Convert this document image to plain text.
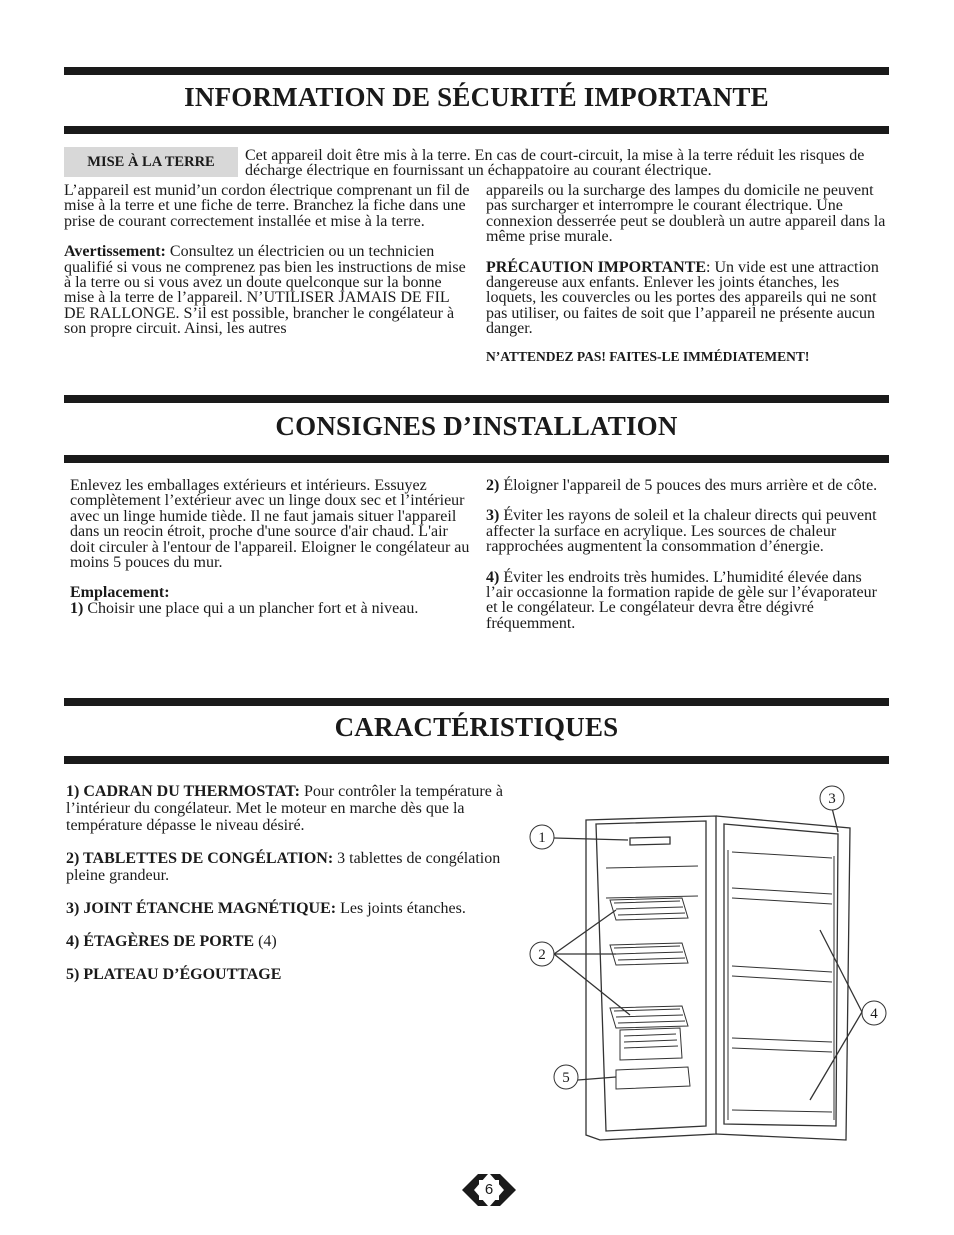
INFORMATION DE SÉCURITÉ IMPORTANTE
MISE À LA TERRE	Cet appareil doit être mis à la terre. En cas de court-circuit, la mise à la terre réduit les risques de décharge électrique en fournissant un échappatoire au courant électrique.

L’appareil est munid’un cordon électrique comprenant un fil de mise à la terre et une fiche de terre. Branchez la fiche dans une prise de courant correctement installée et mise à la terre.

Avertissement: Consultez un électricien ou un technicien qualifié si vous ne comprenez pas bien les instructions de mise à la terre ou si vous avez un doute quelconque sur la bonne mise à la terre de l’appareil. N’UTILISER JAMAIS DE FIL DE RALLONGE. S’il est possible, brancher le congélateur à son propre circuit. Ainsi, les autres

appareils ou la surcharge des lampes du domicile ne peuvent pas surcharger et interrompre le courant électrique. Une connexion desserrée peut se doublerà un autre appareil dans la même prise murale.

PRÉCAUTION IMPORTANTE: Un vide est une attraction dangereuse aux enfants. Enlever les joints étanches, les loquets, les couvercles ou les portes des appareils qui ne sont pas utiliser, ou faites de soit que l’appareil ne présente aucun danger.

N’ATTENDEZ PAS! FAITES-LE IMMÉDIATEMENT!

CONSIGNES D’INSTALLATION

Enlevez les emballages extérieurs et intérieurs. Essuyez complètement l’extérieur avec un linge doux sec et l’intérieur avec un linge humide tiède. Il ne faut jamais situer l'appareil dans un reocin étroit, proche d'une source d'air chaud. L'air doit circuler à l'entour de l'appareil. Eloigner le congélateur au moins 5 pouces du mur.

Emplacement:

1) Choisir une place qui a un plancher fort et à niveau.

2) Éloigner l'appareil de 5 pouces des murs arrière et de côte.

3) Éviter les rayons de soleil et la chaleur directs qui peuvent affecter la surface en acrylique. Les sources de chaleur rapprochées augmentent la consommation d’énergie.

4) Éviter les endroits très humides. L’humidité élevée dans l’air occasionne la formation rapide de gèle sur l’évaporateur et le congélateur. Le congélateur devra être dégivré fréquemment.

CARACTÉRISTIQUES

1) CADRAN DU THERMOSTAT: Pour contrôler la température à l’intérieur du congélateur. Met le moteur en marche dès que la température dépasse le niveau désiré.

2) TABLETTES DE CONGÉLATION: 3 tablettes de congélation pleine grandeur.

3) JOINT ÉTANCHE MAGNÉTIQUE: Les joints étanches.

4) ÉTAGÈRES DE PORTE (4)

5) PLATEAU D’ÉGOUTTAGE

1
2
3
4
5
6
